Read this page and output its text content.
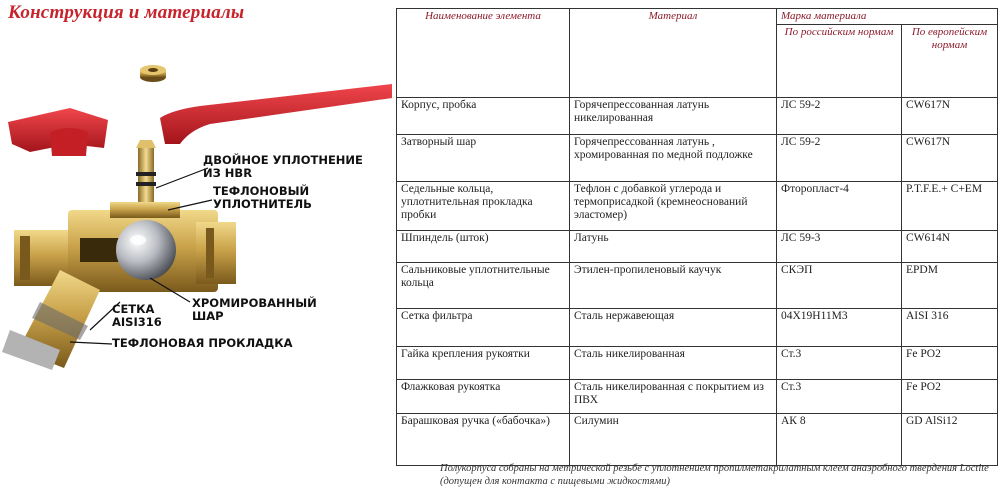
Конструкция и материалы
ДВОЙНОЕ УПЛОТНЕНИЕ
ИЗ HBR
ТЕФЛОНОВЫЙ
УПЛОТНИТЕЛЬ
СЕТКА
AISI316
ХРОМИРОВАННЫЙ
ШАР
ТЕФЛОНОВАЯ ПРОКЛАДКА
Наименование элемента	Материал	Марка материала	
		По российским нормам	По европейским нормам
Корпус, пробка	Горячепрессованная латунь никелированная	ЛС 59-2	CW617N
Затворный шар	Горячепрессованная латунь , хромированная по медной подложке	ЛС 59-2	CW617N
Седельные кольца, уплотнительная прокладка пробки	Тефлон с добавкой углерода и термоприсадкой (кремнеоснований эластомер)	Фторопласт-4	P.T.F.E.+ C+EM
Шпиндель (шток)	Латунь	ЛС 59-3	CW614N
Сальниковые уплотнительные кольца	Этилен-пропиленовый каучук	СКЭП	EPDM
Сетка фильтра	Сталь нержавеющая	04Х19Н11М3	AISI 316
Гайка крепления рукоятки	Сталь никелированная	Ст.3	Fe PO2
Флажковая рукоятка	Сталь никелированная с покрытием из ПВХ	Ст.3	Fe PO2
Барашковая ручка («бабочка»)	Силумин	АК 8	GD AlSi12
Полукорпуса собраны на метрической резьбе с уплотнением пропилметакрилатным клеем анаэробного твердения Loctite (допущен для контакта с пищевыми жидкостями)
